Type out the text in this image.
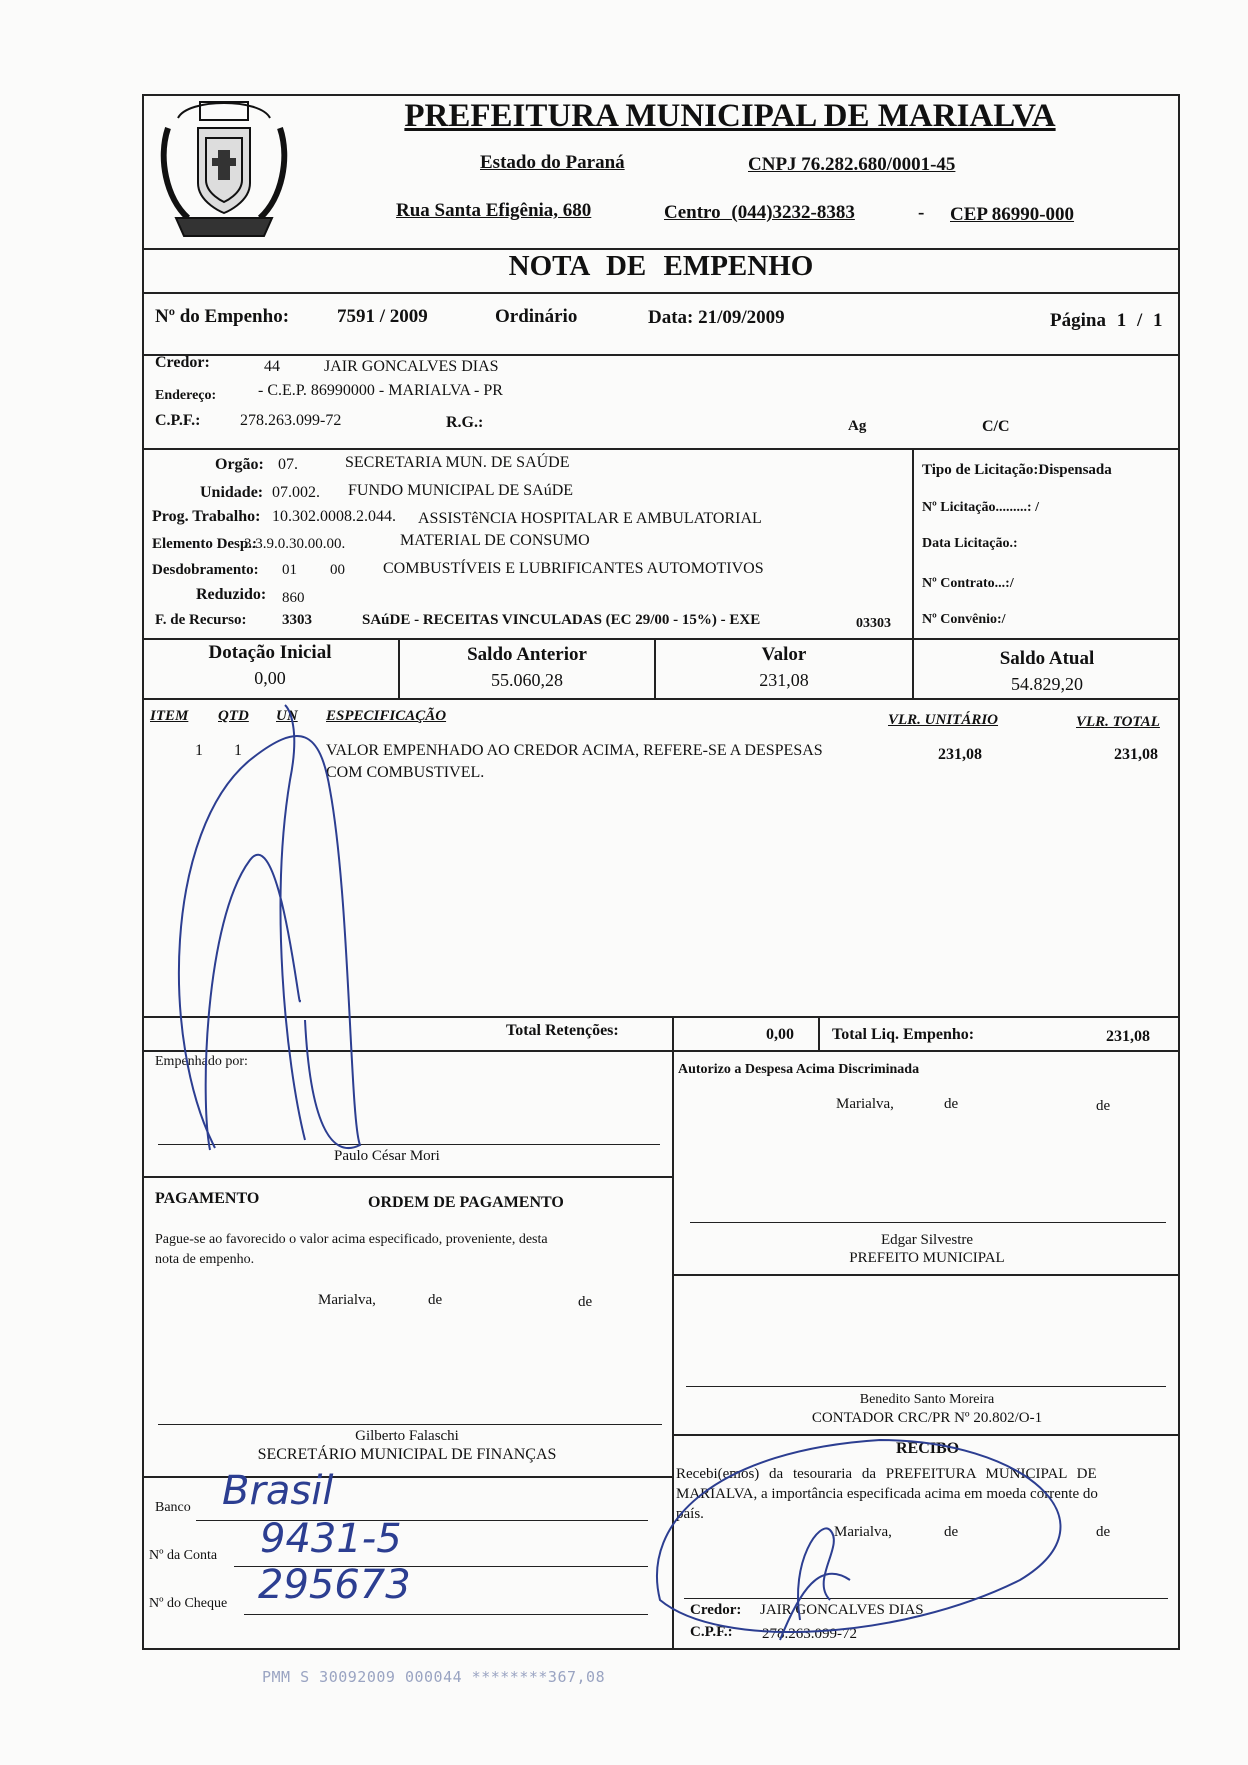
PREFEITURA MUNICIPAL DE MARIALVA
Estado do Paraná	CNPJ 76.282.680/0001-45
Rua Santa Efigênia, 680	Centro (044)3232-8383	- CEP 86990-000
NOTA DE EMPENHO
Nº do Empenho:	7591 / 2009	Ordinário	Data: 21/09/2009	Página 1 / 1
Credor:	44	JAIR GONCALVES DIAS
Endereço:	- C.E.P. 86990000 - MARIALVA - PR
C.P.F.: 278.263.099-72	R.G.:	Ag	C/C
Orgão: 07.	SECRETARIA MUN. DE SAÚDE
Unidade: 07.002. FUNDO MUNICIPAL DE SAúDE
Prog. Trabalho: 10.302.0008.2.044. ASSISTêNCIA HOSPITALAR E AMBULATORIAL
Elemento Desp.:
3.3.9.0.30.00.00.	MATERIAL DE CONSUMO
Desdobramento: 01 00 COMBUSTÍVEIS E LUBRIFICANTES AUTOMOTIVOS
Reduzido: 860
F. de Recurso: 3303	SAúDE - RECEITAS VINCULADAS (EC 29/00 - 15%) - EXE	03303
Tipo de Licitação:Dispensada
Nº Licitação.........: /
Data Licitação.:
Nº Contrato...:/
Nº Convênio:/
Dotação Inicial
0,00
Saldo Anterior
55.060,28
Valor
231,08
Saldo Atual
54.829,20
ITEM QTD UN ESPECIFICAÇÃO	VLR. UNITÁRIO	VLR. TOTAL
1 1	VALOR EMPENHADO AO CREDOR ACIMA, REFERE-SE A DESPESAS
COM COMBUSTIVEL.
231,08	231,08
Total Retenções:	0,00 Total Liq. Empenho:	231,08
Empenhado por:
Paulo César Mori
PAGAMENTO	ORDEM DE PAGAMENTO
Pague-se ao favorecido o valor acima especificado, proveniente, desta
nota de empenho.
Marialva,	de	de
Gilberto Falaschi
SECRETÁRIO MUNICIPAL DE FINANÇAS
Banco Brasil
Nº da Conta 9431-5
Nº do Cheque 295673
Autorizo a Despesa Acima Discriminada
Marialva,	de	de
Edgar Silvestre
PREFEITO MUNICIPAL
Benedito Santo Moreira
CONTADOR CRC/PR Nº 20.802/O-1
RECIBO
Recebi(emos) da tesouraria da PREFEITURA MUNICIPAL DE
MARIALVA, a importância especificada acima em moeda corrente do
país.
Marialva,	de	de
Credor: JAIR GONCALVES DIAS
C.P.F.: 278.263.099-72
PMM S 30092009 000044 ********367,08
